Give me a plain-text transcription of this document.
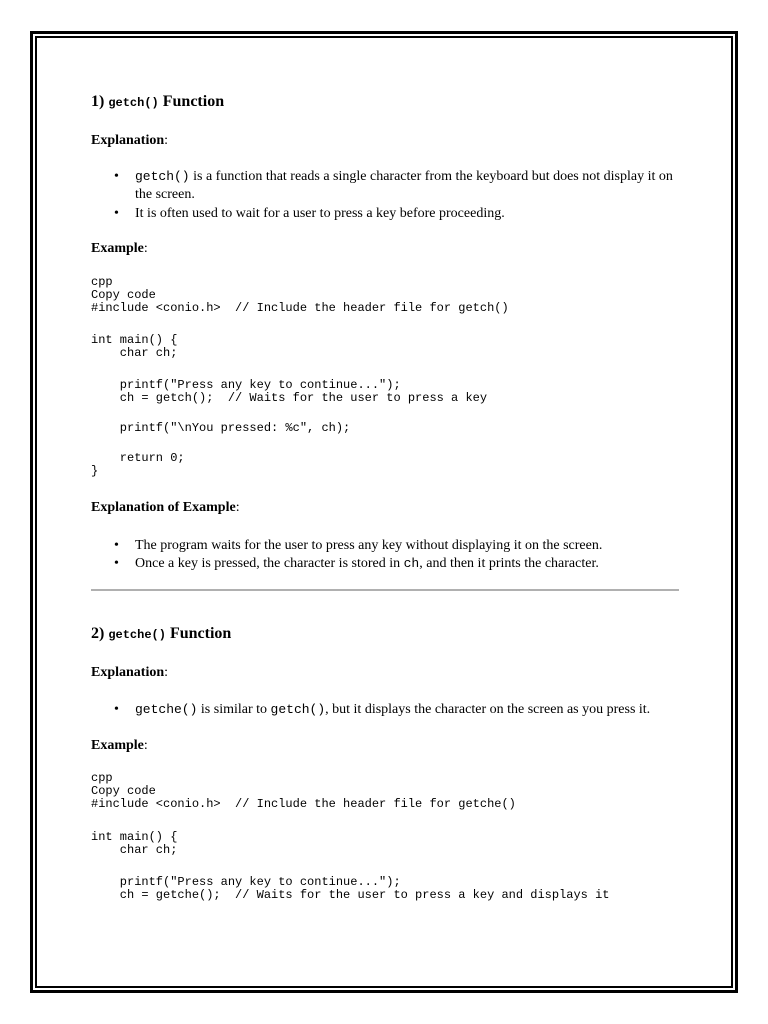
1) getch() Function
Explanation:
• getch() is a function that reads a single character from the keyboard but does not display it on the screen.
• It is often used to wait for a user to press a key before proceeding.
Example:
cpp
Copy code
#include <conio.h>  // Include the header file for getch()
int main() {
char ch;
printf("Press any key to continue...");
ch = getch();  // Waits for the user to press a key
printf("\nYou pressed: %c", ch);
return 0;
}
Explanation of Example:
• The program waits for the user to press any key without displaying it on the screen.
• Once a key is pressed, the character is stored in ch, and then it prints the character.
2) getche() Function
Explanation:
• getche() is similar to getch(), but it displays the character on the screen as you press it.
Example:
cpp
Copy code
#include <conio.h>  // Include the header file for getche()
int main() {
char ch;
printf("Press any key to continue...");
ch = getche();  // Waits for the user to press a key and displays it
